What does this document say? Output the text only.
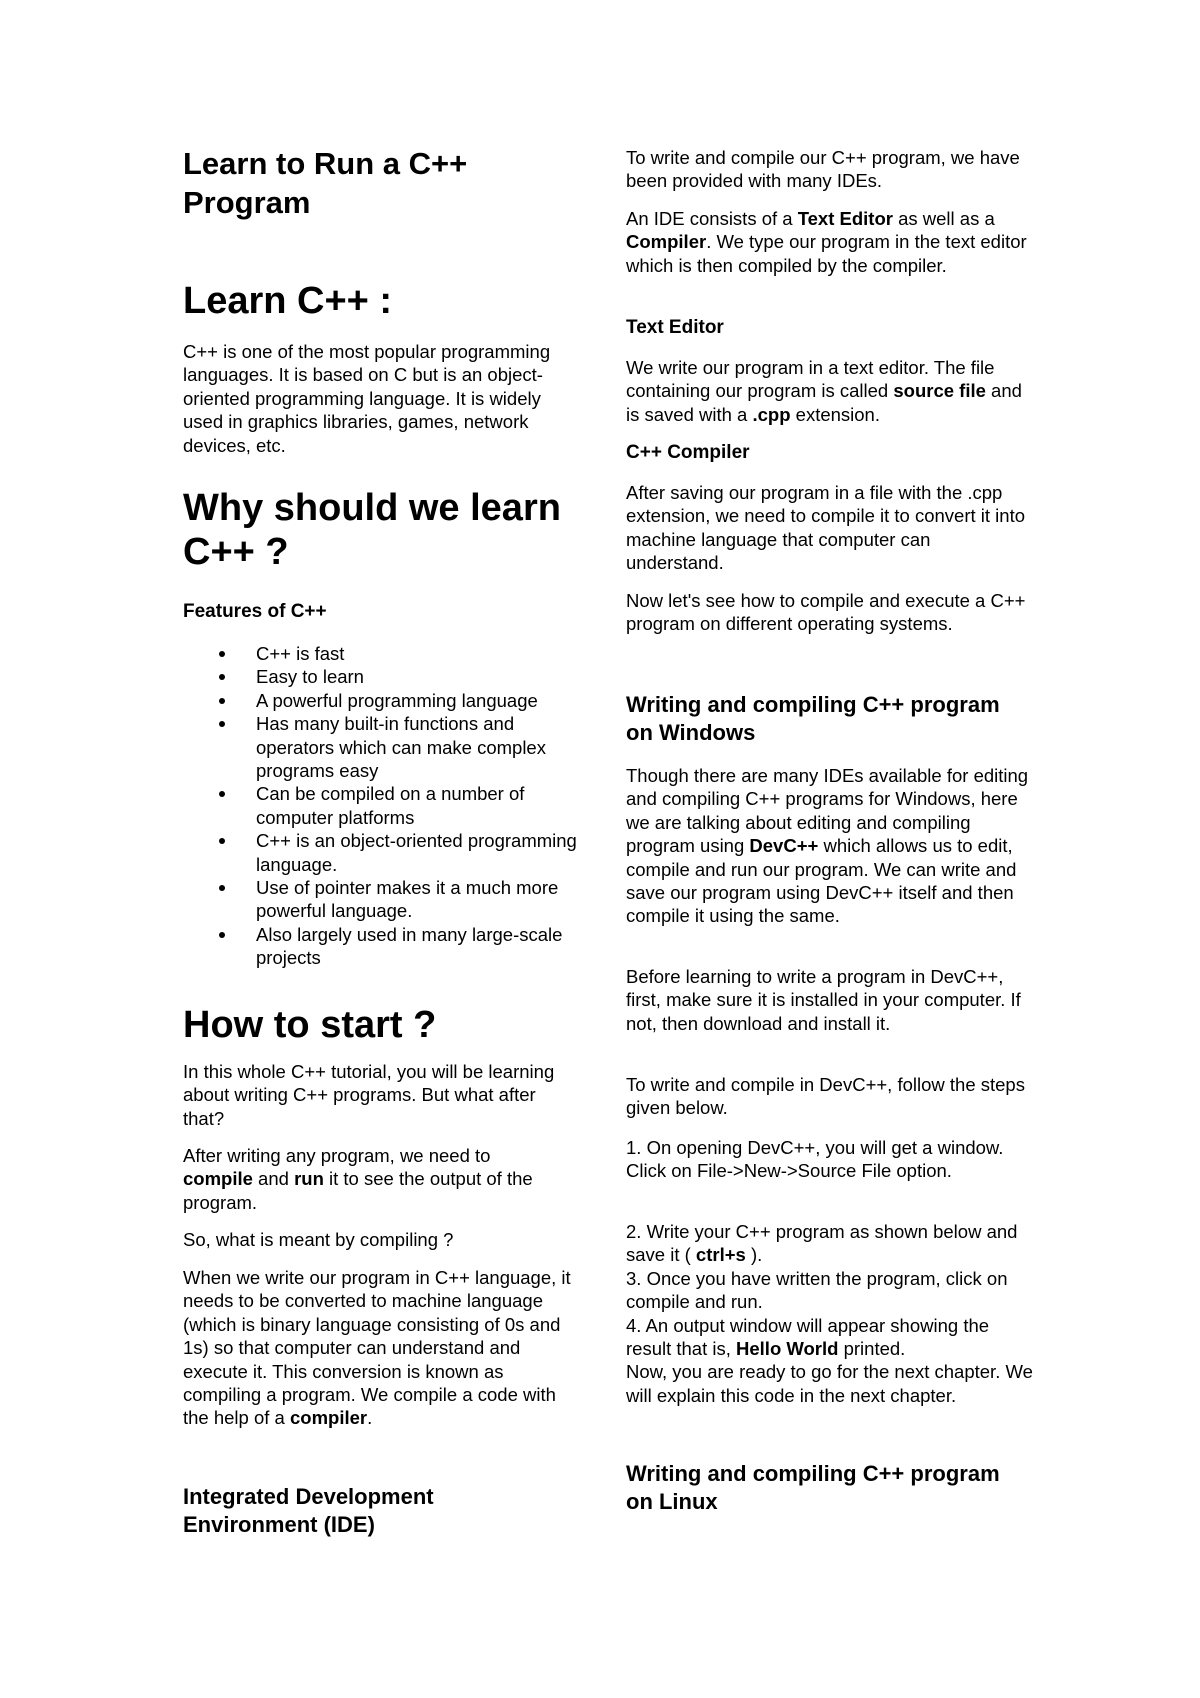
Learn to Run a C++ Program
Learn C++ :

C++ is one of the most popular programming languages. It is based on C but is an object-oriented programming language. It is widely used in graphics libraries, games, network devices, etc.

Why should we learn C++ ?
Features of C++
C++ is fast
Easy to learn
A powerful programming language
Has many built-in functions and operators which can make complex programs easy
Can be compiled on a number of computer platforms
C++ is an object-oriented programming language.
Use of pointer makes it a much more powerful language.
Also largely used in many large-scale projects
How to start ?

In this whole C++ tutorial, you will be learning about writing C++ programs. But what after that?

After writing any program, we need to compile and run it to see the output of the program.

So, what is meant by compiling ?

When we write our program in C++ language, it needs to be converted to machine language (which is binary language consisting of 0s and 1s) so that computer can understand and execute it. This conversion is known as compiling a program. We compile a code with the help of a compiler.

Integrated Development Environment (IDE)

To write and compile our C++ program, we have been provided with many IDEs.

An IDE consists of a Text Editor as well as a Compiler. We type our program in the text editor which is then compiled by the compiler.

Text Editor

We write our program in a text editor. The file containing our program is called source file and is saved with a .cpp extension.

C++ Compiler

After saving our program in a file with the .cpp extension, we need to compile it to convert it into machine language that computer can understand.

Now let's see how to compile and execute a C++ program on different operating systems.

Writing and compiling C++ program on Windows

Though there are many IDEs available for editing and compiling C++ programs for Windows, here we are talking about editing and compiling program using DevC++ which allows us to edit, compile and run our program. We can write and save our program using DevC++ itself and then compile it using the same.

Before learning to write a program in DevC++, first, make sure it is installed in your computer. If not, then download and install it.

To write and compile in DevC++, follow the steps given below.

1. On opening DevC++, you will get a window. Click on File->New->Source File option.

2. Write your C++ program as shown below and save it ( ctrl+s ).
3. Once you have written the program, click on compile and run.
4. An output window will appear showing the result that is, Hello World printed.
Now, you are ready to go for the next chapter. We will explain this code in the next chapter.
Writing and compiling C++ program on Linux
